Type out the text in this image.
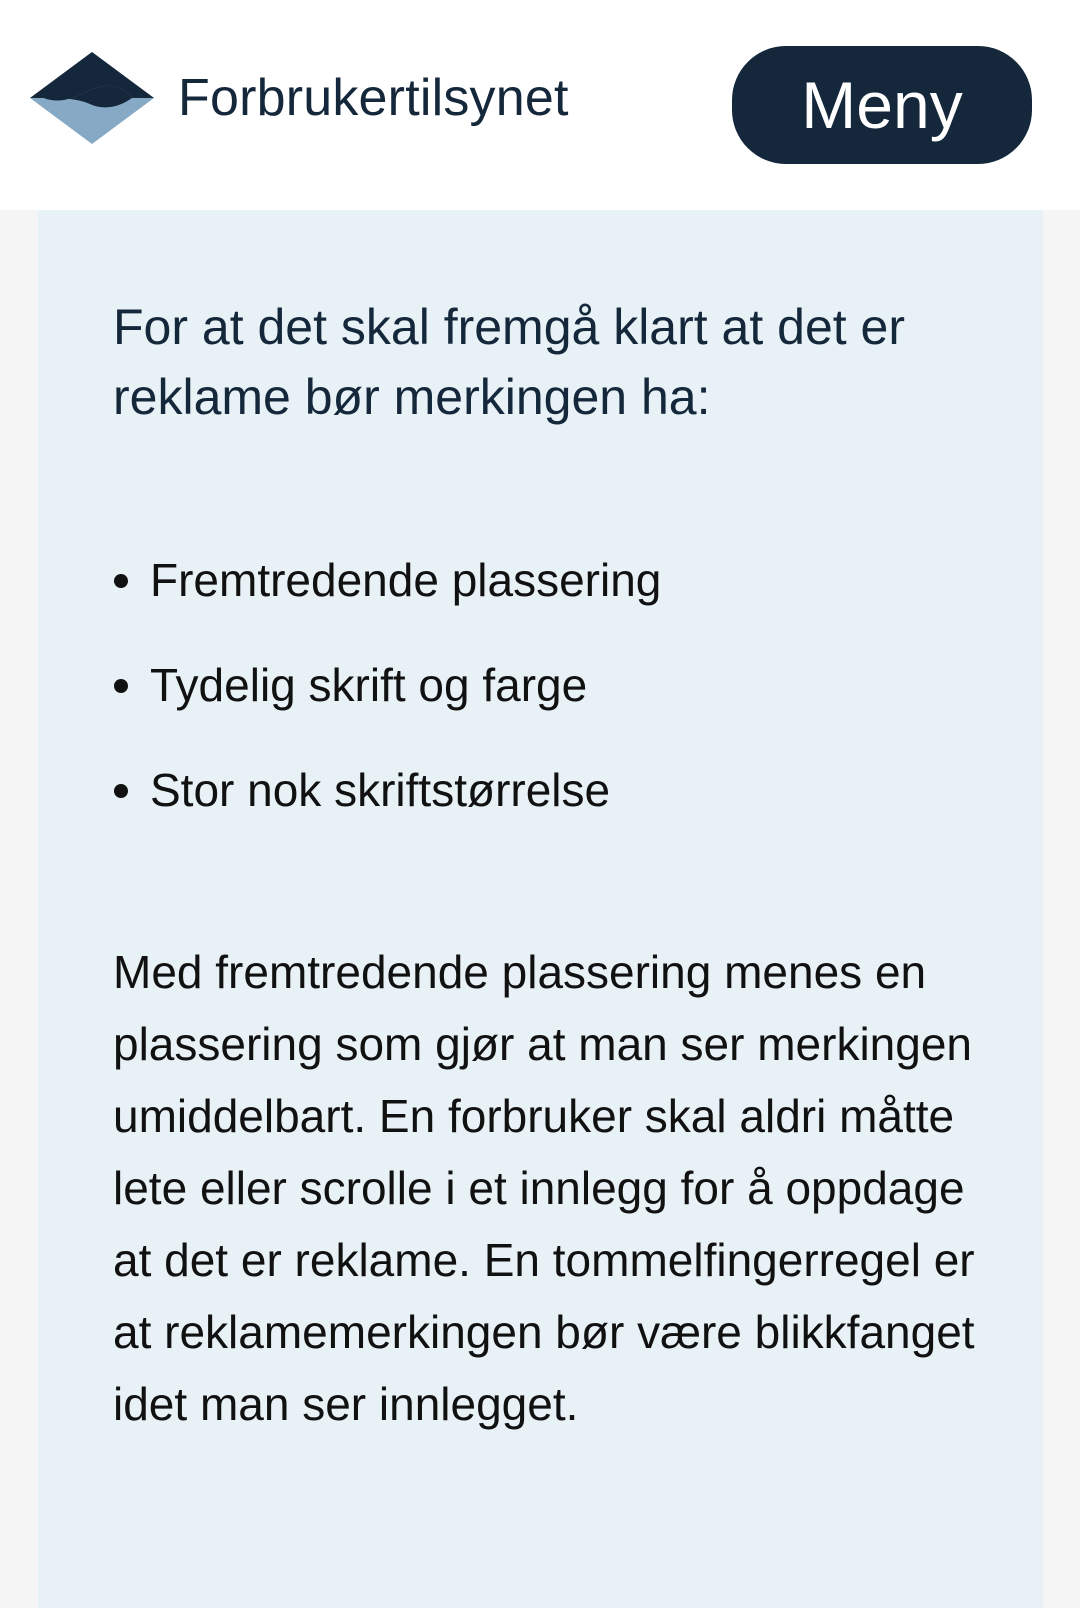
Forbrukertilsynet	Meny
For at det skal fremgå klart at det er reklame bør merkingen ha:
Fremtredende plassering
Tydelig skrift og farge
Stor nok skriftstørrelse

Med fremtredende plassering menes en plassering som gjør at man ser merkingen umiddelbart. En forbruker skal aldri måtte lete eller scrolle i et innlegg for å oppdage at det er reklame. En tommelfingerregel er at reklamemerkingen bør være blikkfanget idet man ser innlegget.
